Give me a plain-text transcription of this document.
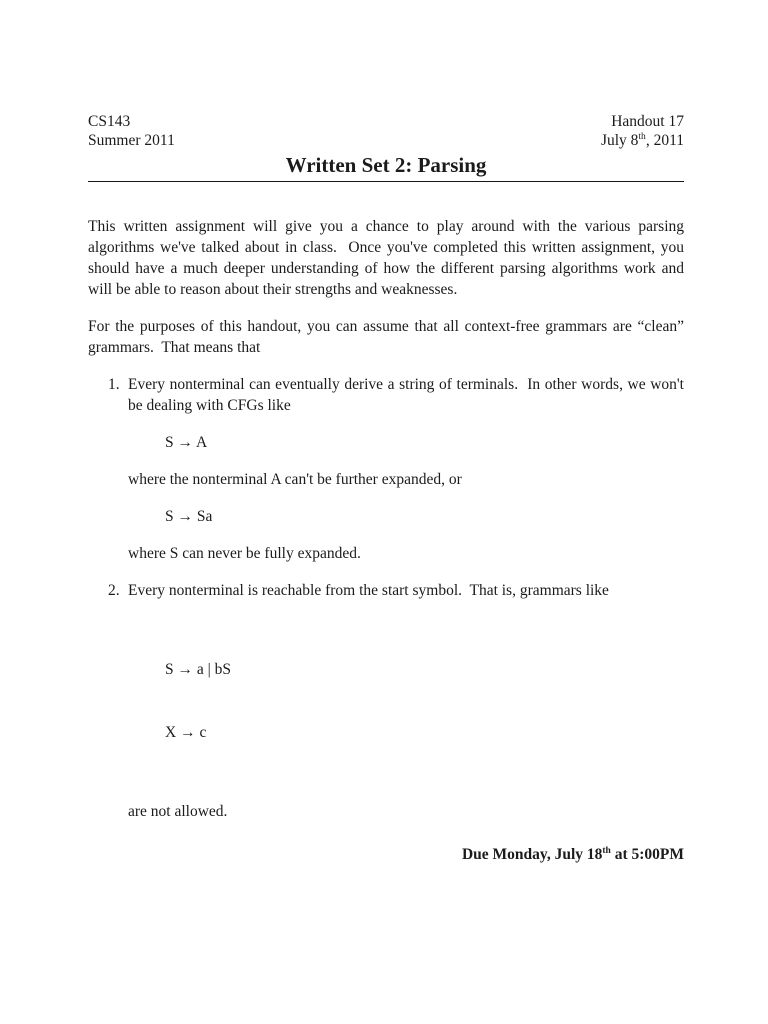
CS143
Summer 2011
Handout 17
July 8th, 2011
Written Set 2: Parsing

This written assignment will give you a chance to play around with the various parsing algorithms we've talked about in class.  Once you've completed this written assignment, you should have a much deeper understanding of how the different parsing algorithms work and will be able to reason about their strengths and weaknesses.

For the purposes of this handout, you can assume that all context-free grammars are “clean” grammars.  That means that

1. Every nonterminal can eventually derive a string of terminals.  In other words, we won't be dealing with CFGs like

S → A

where the nonterminal A can't be further expanded, or

S → Sa

where S can never be fully expanded.

2. Every nonterminal is reachable from the start symbol.  That is, grammars like

S → a | bS

X → c

are not allowed.

Due Monday, July 18th at 5:00PM
